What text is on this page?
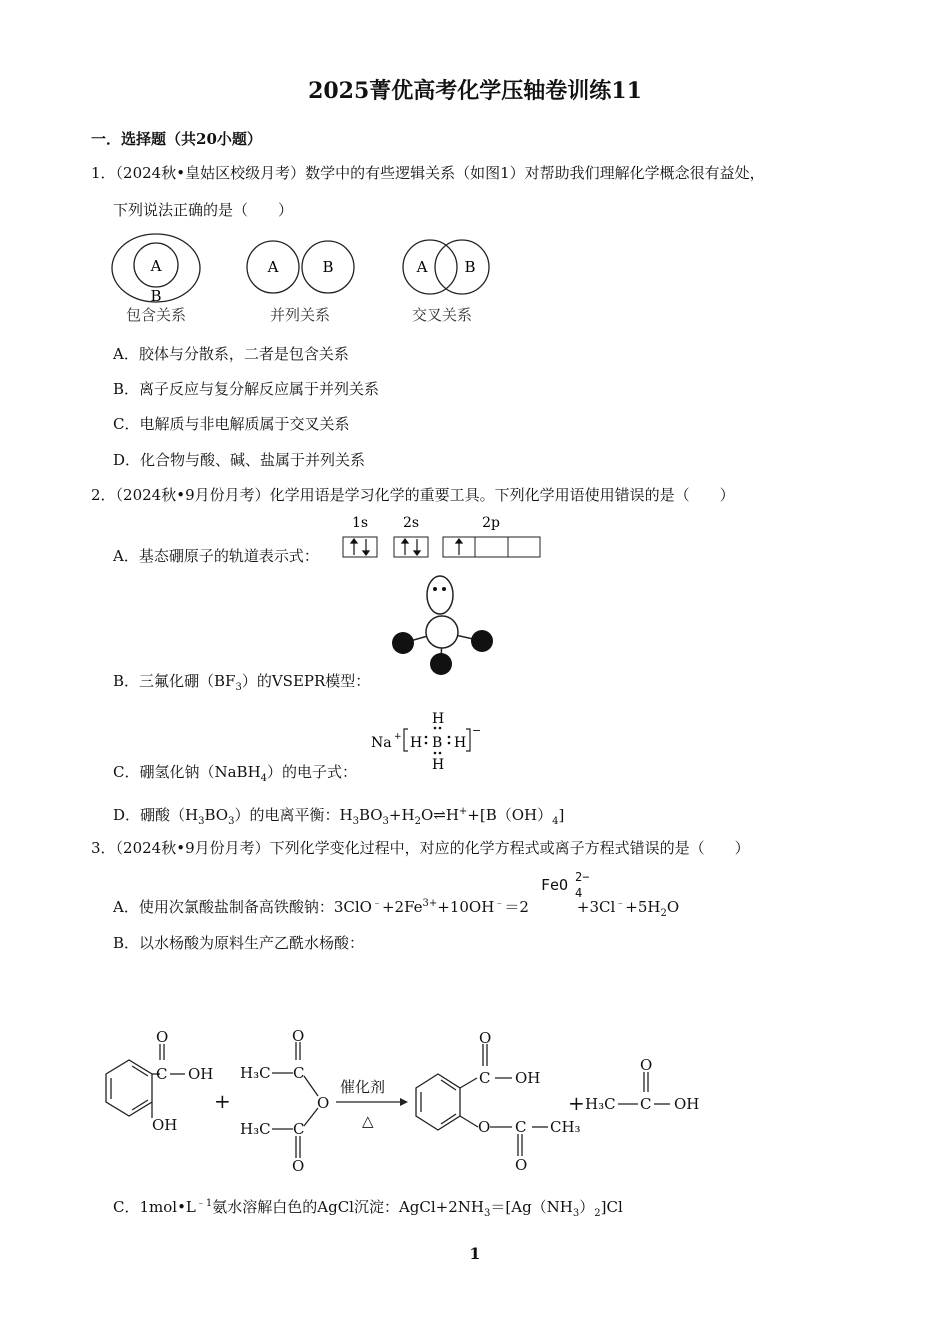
2025菁优高考化学压轴卷训练11
一．选择题（共20小题）
1．（2024秋•皇姑区校级月考）数学中的有些逻辑关系（如图1）对帮助我们理解化学概念很有益处，
下列说法正确的是（　　）
A
B
A	B	A B
包含关系	并列关系	交叉关系
A．胶体与分散系，二者是包含关系
B．离子反应与复分解反应属于并列关系
C．电解质与非电解质属于交叉关系
D．化合物与酸、碱、盐属于并列关系
2．（2024秋•9月份月考）化学用语是学习化学的重要工具。下列化学用语使用错误的是（　　）
A．基态硼原子的轨道表示式：
1s 2s	2p
B．三氟化硼$(BF_3)$的VSEPR模型：
Na + H B H
H
H
−
C．硼氢化钠（NaBH$_4$）的电子式：
D．硼酸$(H_3BO_3)$的电离平衡：$H_3BO_3+H_2O\rightleftharpoons H^++[B(OH)_4]$
3．（2024秋•9月份月考）下列化学变化过程中，对应的化学方程式或离子方程式错误的是（　　）
A．使用次氯酸盐制备高铁酸钠：$3ClO^﹣+2Fe^{3+}+10OH^﹣=2$	$+3Cl^﹣+5H_2O$
FeO 2−
4
B．以水杨酸为原料生产乙酰水杨酸：
C
O
OH
OH
+
H₃C C
O
O
H₃C C
O
催化剂
△
C
O
OH
O C
O
CH₃
+ H₃C C
O
OH
C．$1mol•L^{﹣1}$氨水溶解白色的AgCl沉淀：$AgCl+2NH_3=[Ag(NH_3)_2]Cl$
1
